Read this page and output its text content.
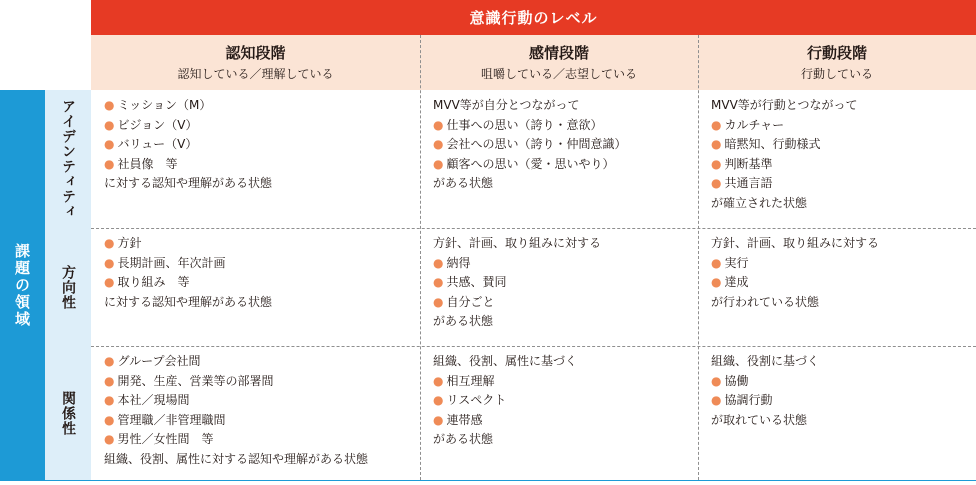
意識行動のレベル
認知段階
認知している／理解している
感情段階
咀嚼している／志望している
行動段階
行動している
課題の領域
アイデンティティ
方向性
関係性
● ミッション（M）
● ビジョン（V）
● バリュー（V）
● 社員像　等
に対する認知や理解がある状態
MVV等が自分とつながって
● 仕事への思い（誇り・意欲）
● 会社への思い（誇り・仲間意識）
● 顧客への思い（愛・思いやり）
がある状態
MVV等が行動とつながって
● カルチャー
● 暗黙知、行動様式
● 判断基準
● 共通言語
が確立された状態
● 方針
● 長期計画、年次計画
● 取り組み　等
に対する認知や理解がある状態
方針、計画、取り組みに対する
● 納得
● 共感、賛同
● 自分ごと
がある状態
方針、計画、取り組みに対する
● 実行
● 達成
が行われている状態
● グループ会社間
● 開発、生産、営業等の部署間
● 本社／現場間
● 管理職／非管理職間
● 男性／女性間　等
組織、役割、属性に対する認知や理解がある状態
組織、役割、属性に基づく
● 相互理解
● リスペクト
● 連帯感
がある状態
組織、役割に基づく
● 協働
● 協調行動
が取れている状態
